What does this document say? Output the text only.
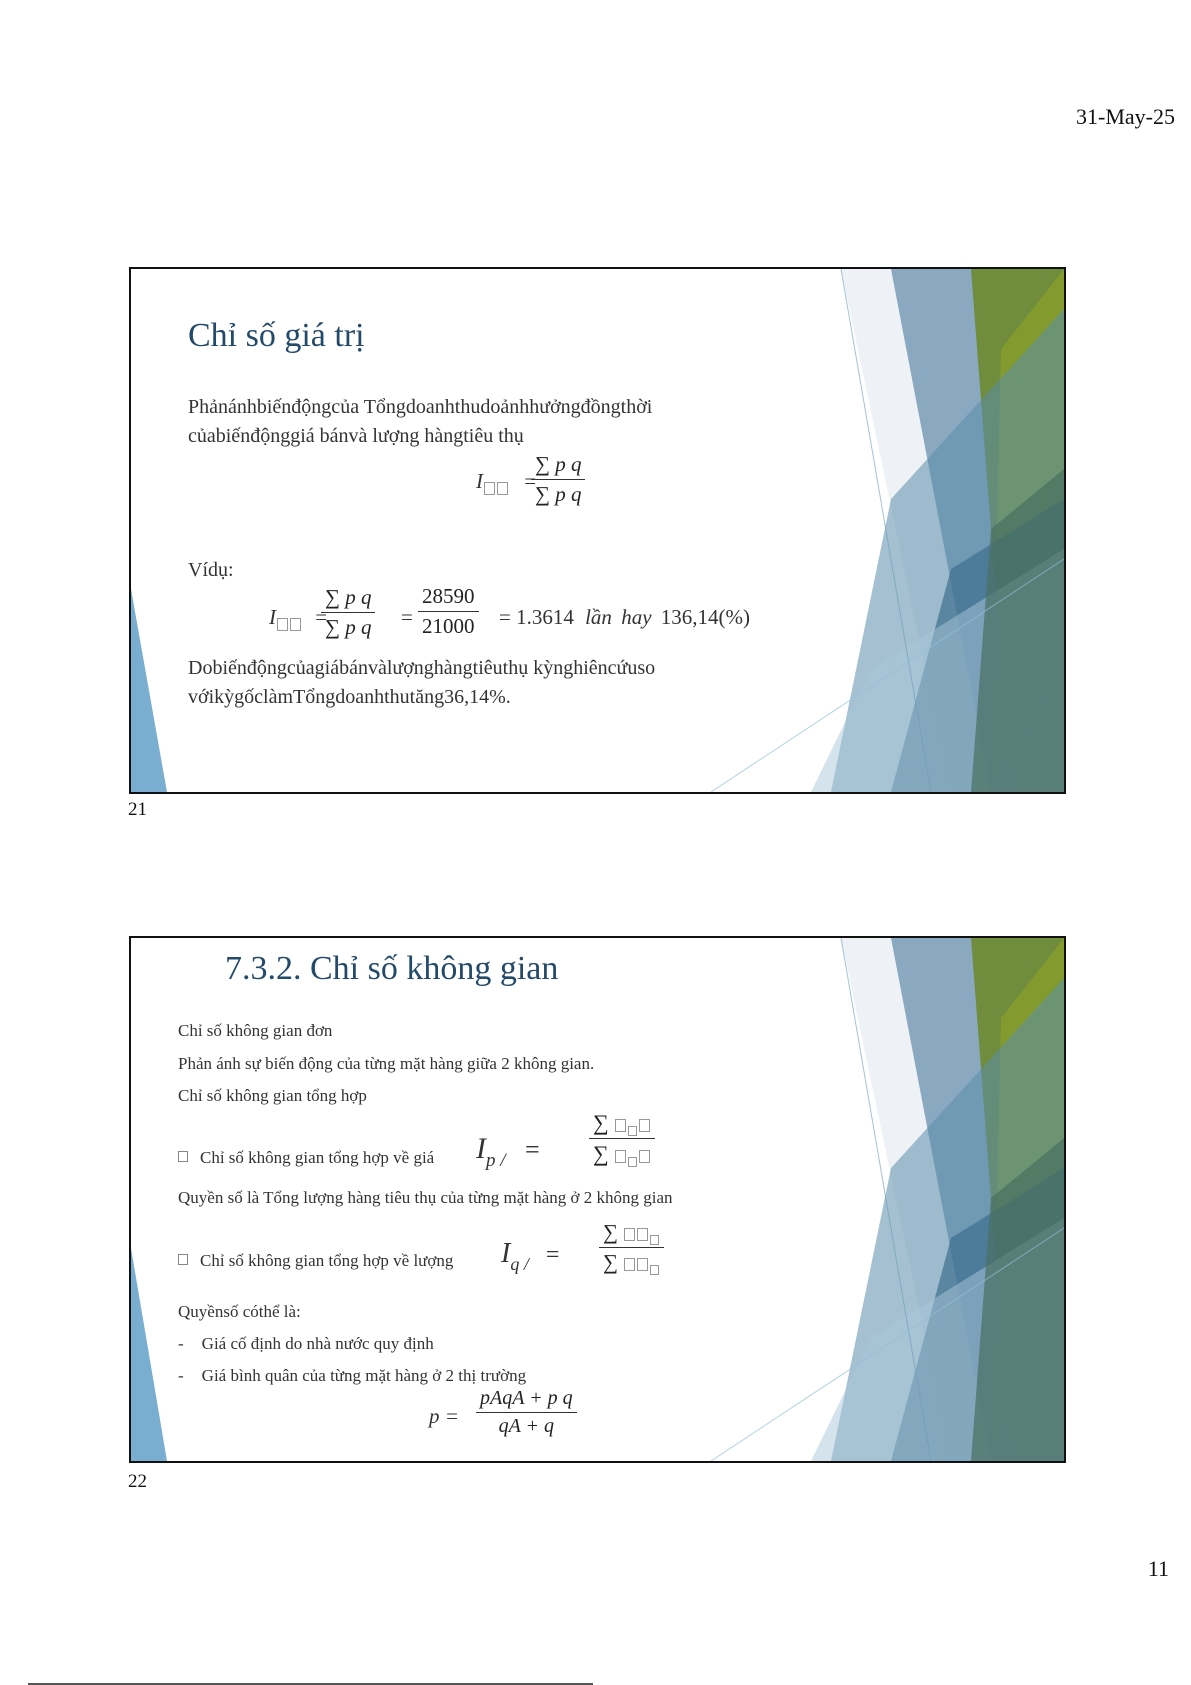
31-May-25
Chỉ số giá trị
Phảnánhbiếnđộngcủa Tổngdoanhthudoảnhhưởngđồngthời
củabiếnđộnggiá bánvà lượng hàngtiêu thụ
I =
$\frac{\text{∑ p q}}{\text{∑ p q}}$
Vídụ:
I =
$\frac{\text{∑ p q}}{\text{∑ p q}} = \frac{28590}{21000} = 1.3614$ lần hay 136,14(%)
Dobiếnđộngcủagiábánvàlượnghàngtiêuthụ kỳnghiêncứuso
vớikỳgốclàmTổngdoanhthutăng36,14%.
21
7.3.2. Chỉ số không gian
Chỉ số không gian đơn
Phản ánh sự biến động của từng mặt hàng giữa 2 không gian.
Chỉ số không gian tổng hợp
Chỉ số không gian tổng hợp về giá $I_{p /}$ =
∑
∑
Quyền số là Tổng lượng hàng tiêu thụ của từng mặt hàng ở 2 không gian
Chỉ số không gian tổng hợp về lượng $I_{q /}$ =
∑
∑
Quyềnsố cóthể là:
- Giá cố định do nhà nước quy định
- Giá bình quân của từng mặt hàng ở 2 thị trường
p =
pAqA + p q
qA + q
22
11
